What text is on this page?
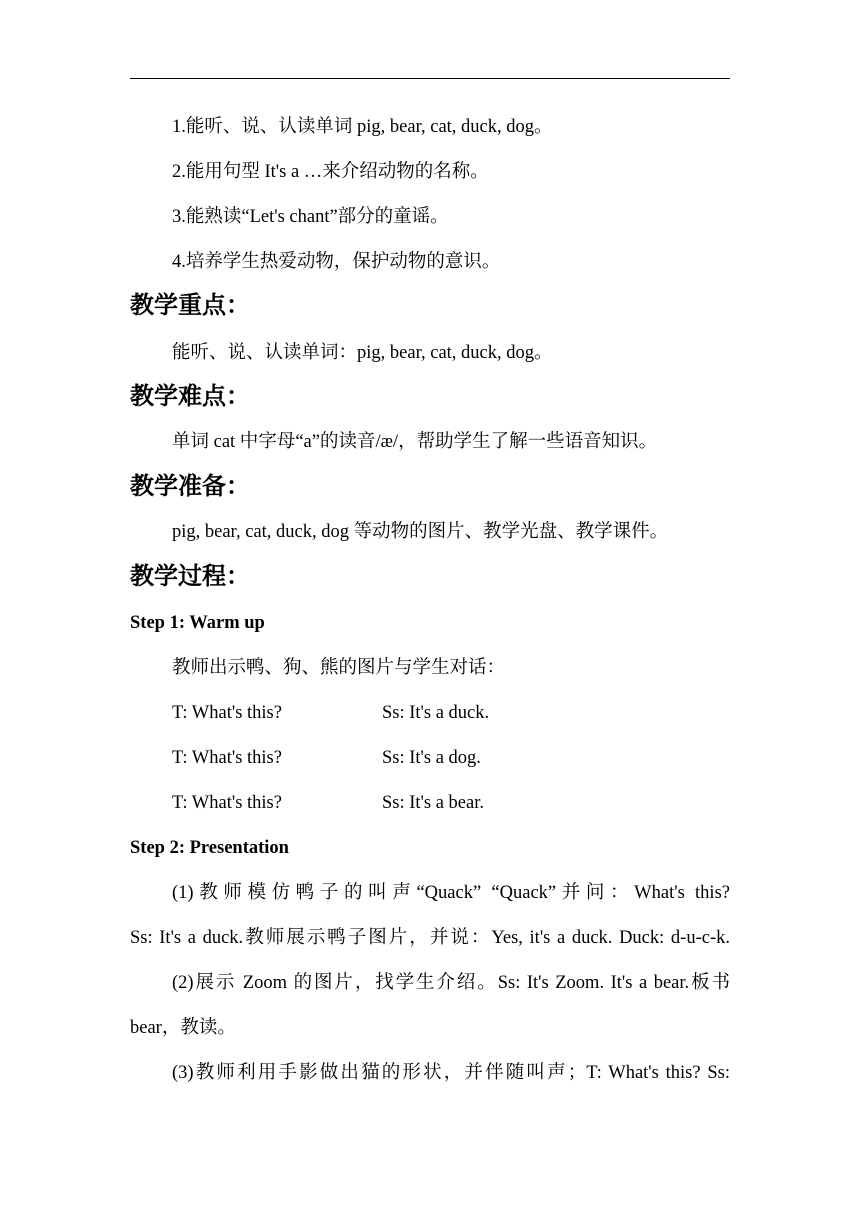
1.能听、说、认读单词 pig, bear, cat, duck, dog。
2.能用句型 It's a …来介绍动物的名称。
3.能熟读“Let's chant”部分的童谣。
4.培养学生热爱动物，保护动物的意识。
教学重点：
能听、说、认读单词：pig, bear, cat, duck, dog。
教学难点：
单词 cat 中字母“a”的读音/æ/，帮助学生了解一些语音知识。
教学准备：
pig, bear, cat, duck, dog 等动物的图片、教学光盘、教学课件。
教学过程：
Step 1: Warm up
教师出示鸭、狗、熊的图片与学生对话：
T: What's this?	Ss: It's a duck.
T: What's this?	Ss: It's a dog.
T: What's this?	Ss: It's a bear.
Step 2: Presentation
(1)教师模仿鸭子的叫声“Quack” “Quack”并问：What's this?
Ss: It's a duck.教师展示鸭子图片，并说：Yes, it's a duck. Duck: d-u-c-k.
(2)展示 Zoom 的图片，找学生介绍。Ss: It's Zoom. It's a bear.板书
bear，教读。
(3)教师利用手影做出猫的形状，并伴随叫声；T: What's this? Ss:
